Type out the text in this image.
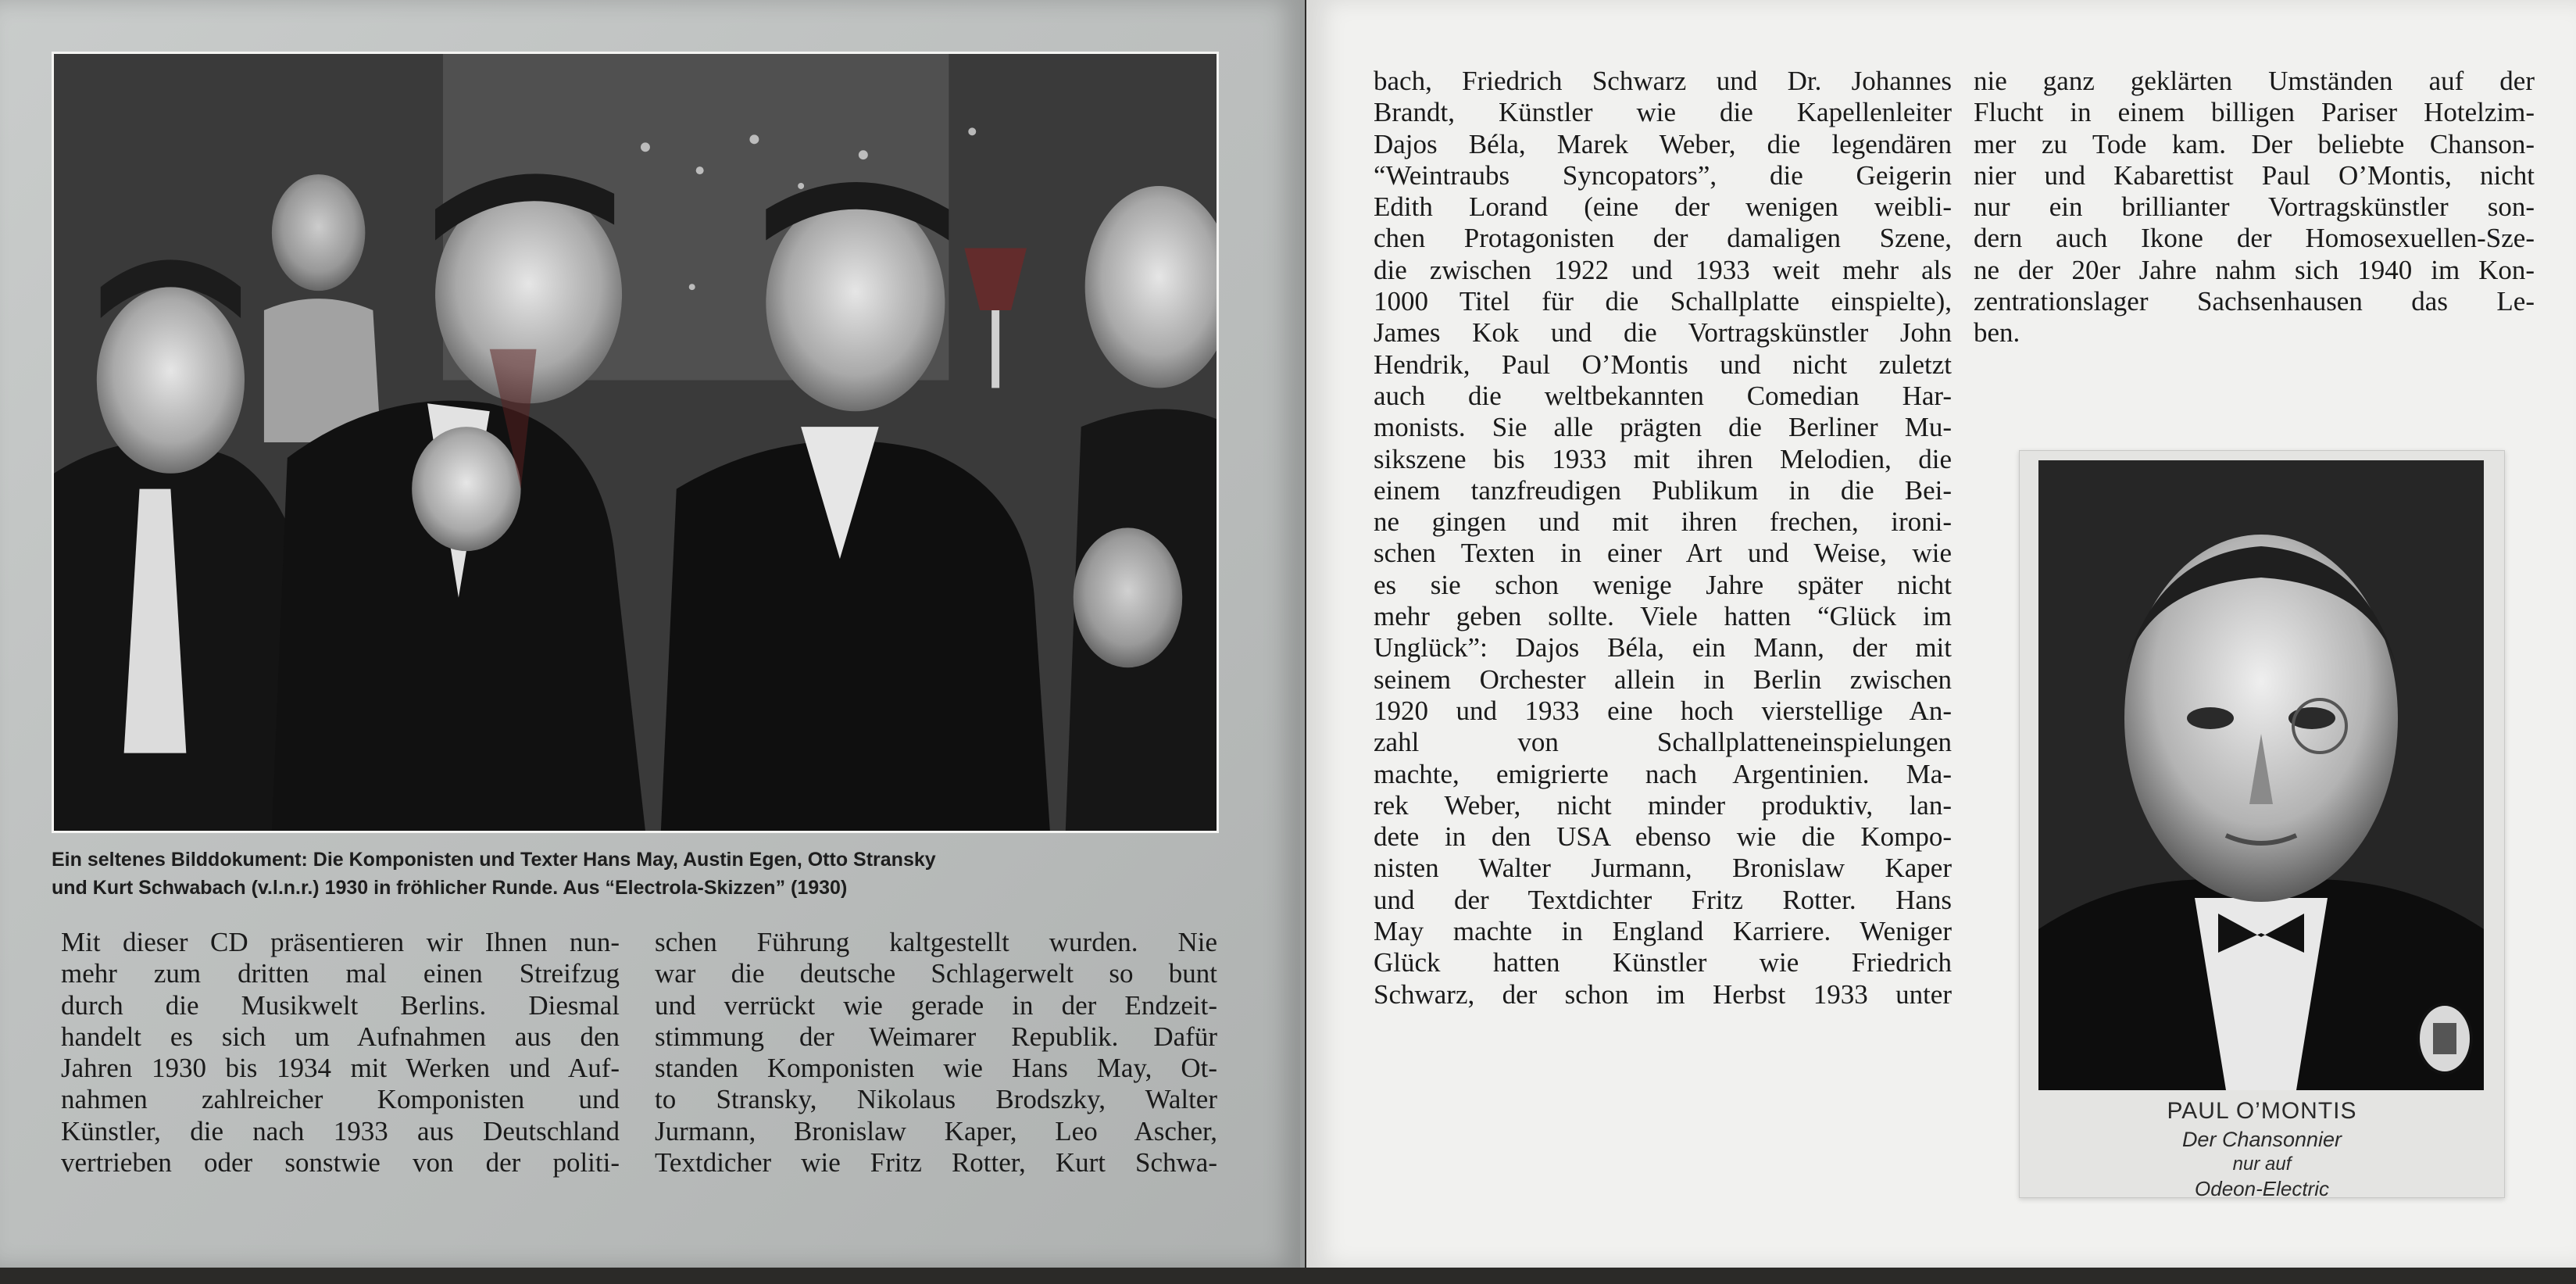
Ein seltenes Bilddokument: Die Komponisten und Texter Hans May, Austin Egen, Otto Stransky
und Kurt Schwabach (v.l.n.r.) 1930 in fröhlicher Runde. Aus “Electrola-Skizzen” (1930)
Mit dieser CD präsentieren wir Ihnen nun-
mehr zum dritten mal einen Streifzug
durch die Musikwelt Berlins. Diesmal
handelt es sich um Aufnahmen aus den
Jahren 1930 bis 1934 mit Werken und Auf-
nahmen zahlreicher Komponisten und
Künstler, die nach 1933 aus Deutschland
vertrieben oder sonstwie von der politi-
schen Führung kaltgestellt wurden. Nie
war die deutsche Schlagerwelt so bunt
und verrückt wie gerade in der Endzeit-
stimmung der Weimarer Republik. Dafür
standen Komponisten wie Hans May, Ot-
to Stransky, Nikolaus Brodszky, Walter
Jurmann, Bronislaw Kaper, Leo Ascher,
Textdicher wie Fritz Rotter, Kurt Schwa-
bach, Friedrich Schwarz und Dr. Johannes
Brandt, Künstler wie die Kapellenleiter
Dajos Béla, Marek Weber, die legendären
“Weintraubs Syncopators”, die Geigerin
Edith Lorand (eine der wenigen weibli-
chen Protagonisten der damaligen Szene,
die zwischen 1922 und 1933 weit mehr als
1000 Titel für die Schallplatte einspielte),
James Kok und die Vortragskünstler John
Hendrik, Paul O’Montis und nicht zuletzt
auch die weltbekannten Comedian Har-
monists. Sie alle prägten die Berliner Mu-
sikszene bis 1933 mit ihren Melodien, die
einem tanzfreudigen Publikum in die Bei-
ne gingen und mit ihren frechen, ironi-
schen Texten in einer Art und Weise, wie
es sie schon wenige Jahre später nicht
mehr geben sollte. Viele hatten “Glück im
Unglück”: Dajos Béla, ein Mann, der mit
seinem Orchester allein in Berlin zwischen
1920 und 1933 eine hoch vierstellige An-
zahl von Schallplatteneinspielungen
machte, emigrierte nach Argentinien. Ma-
rek Weber, nicht minder produktiv, lan-
dete in den USA ebenso wie die Kompo-
nisten Walter Jurmann, Bronislaw Kaper
und der Textdichter Fritz Rotter. Hans
May machte in England Karriere. Weniger
Glück hatten Künstler wie Friedrich
Schwarz, der schon im Herbst 1933 unter
nie ganz geklärten Umständen auf der
Flucht in einem billigen Pariser Hotelzim-
mer zu Tode kam. Der beliebte Chanson-
nier und Kabarettist Paul O’Montis, nicht
nur ein brillianter Vortragskünstler son-
dern auch Ikone der Homosexuellen-Sze-
ne der 20er Jahre nahm sich 1940 im Kon-
zentrationslager Sachsenhausen das Le-
ben.
PAUL O’MONTIS
Der Chansonnier
nur auf
Odeon-Electric
